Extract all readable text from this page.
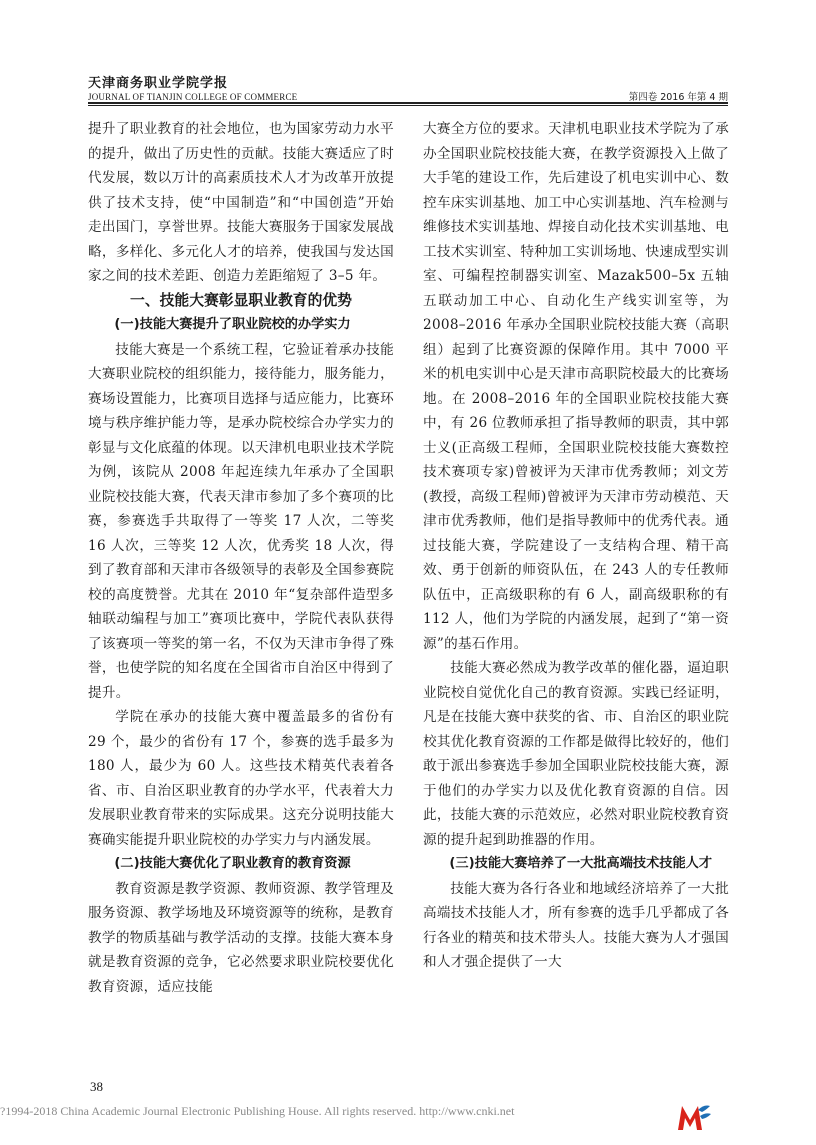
天津商务职业学院学报
JOURNAL OF TIANJIN COLLEGE OF COMMERCE	第四卷 2016 年第 4 期

提升了职业教育的社会地位，也为国家劳动力水平的提升，做出了历史性的贡献。技能大赛适应了时代发展，数以万计的高素质技术人才为改革开放提供了技术支持，使“中国制造”和“中国创造”开始走出国门，享誉世界。技能大赛服务于国家发展战略，多样化、多元化人才的培养，使我国与发达国家之间的技术差距、创造力差距缩短了 3–5 年。

一、技能大赛彰显职业教育的优势

(一)技能大赛提升了职业院校的办学实力

技能大赛是一个系统工程，它验证着承办技能大赛职业院校的组织能力，接待能力，服务能力，赛场设置能力，比赛项目选择与适应能力，比赛环境与秩序维护能力等，是承办院校综合办学实力的彰显与文化底蕴的体现。以天津机电职业技术学院为例，该院从 2008 年起连续九年承办了全国职业院校技能大赛，代表天津市参加了多个赛项的比赛，参赛选手共取得了一等奖 17 人次，二等奖 16 人次，三等奖 12 人次，优秀奖 18 人次，得到了教育部和天津市各级领导的表彰及全国参赛院校的高度赞誉。尤其在 2010 年“复杂部件造型多轴联动编程与加工”赛项比赛中，学院代表队获得了该赛项一等奖的第一名，不仅为天津市争得了殊誉，也使学院的知名度在全国省市自治区中得到了提升。

学院在承办的技能大赛中覆盖最多的省份有 29 个，最少的省份有 17 个，参赛的选手最多为 180 人，最少为 60 人。这些技术精英代表着各省、市、自治区职业教育的办学水平，代表着大力发展职业教育带来的实际成果。这充分说明技能大赛确实能提升职业院校的办学实力与内涵发展。

(二)技能大赛优化了职业教育的教育资源

教育资源是教学资源、教师资源、教学管理及服务资源、教学场地及环境资源等的统称，是教育教学的物质基础与教学活动的支撑。技能大赛本身就是教育资源的竞争，它必然要求职业院校要优化教育资源，适应技能

大赛全方位的要求。天津机电职业技术学院为了承办全国职业院校技能大赛，在教学资源投入上做了大手笔的建设工作，先后建设了机电实训中心、数控车床实训基地、加工中心实训基地、汽车检测与维修技术实训基地、焊接自动化技术实训基地、电工技术实训室、特种加工实训场地、快速成型实训室、可编程控制器实训室、Mazak500–5x 五轴五联动加工中心、自动化生产线实训室等，为 2008–2016 年承办全国职业院校技能大赛（高职组）起到了比赛资源的保障作用。其中 7000 平米的机电实训中心是天津市高职院校最大的比赛场地。在 2008–2016 年的全国职业院校技能大赛中，有 26 位教师承担了指导教师的职责，其中郭士义(正高级工程师，全国职业院校技能大赛数控技术赛项专家)曾被评为天津市优秀教师；刘文芳(教授，高级工程师)曾被评为天津市劳动模范、天津市优秀教师，他们是指导教师中的优秀代表。通过技能大赛，学院建设了一支结构合理、精干高效、勇于创新的师资队伍，在 243 人的专任教师队伍中，正高级职称的有 6 人，副高级职称的有 112 人，他们为学院的内涵发展，起到了“第一资源”的基石作用。

技能大赛必然成为教学改革的催化器，逼迫职业院校自觉优化自己的教育资源。实践已经证明，凡是在技能大赛中获奖的省、市、自治区的职业院校其优化教育资源的工作都是做得比较好的，他们敢于派出参赛选手参加全国职业院校技能大赛，源于他们的办学实力以及优化教育资源的自信。因此，技能大赛的示范效应，必然对职业院校教育资源的提升起到助推器的作用。

(三)技能大赛培养了一大批高端技术技能人才

技能大赛为各行各业和地域经济培养了一大批高端技术技能人才，所有参赛的选手几乎都成了各行各业的精英和技术带头人。技能大赛为人才强国和人才强企提供了一大

38
?1994-2018 China Academic Journal Electronic Publishing House. All rights reserved. http://www.cnki.net
